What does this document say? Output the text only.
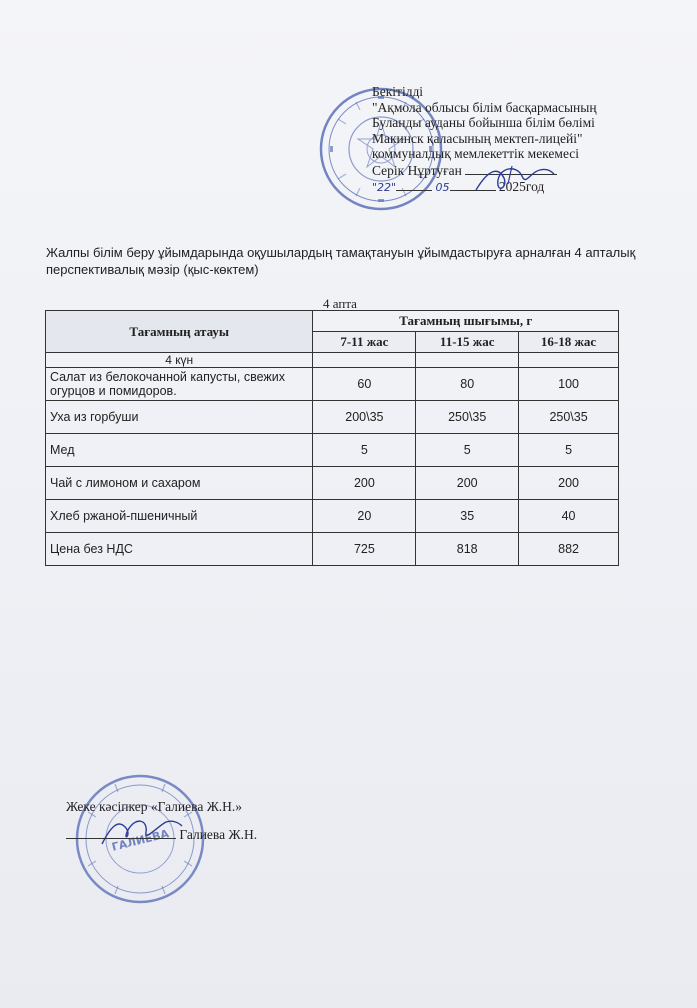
Бекітілді
"Ақмола облысы білім басқармасының
Буланды ауданы бойынша білім бөлімі
Макинск қаласының мектеп-лицейі"
коммуналдық мемлекеттік мекемесі
Серік Нұртуған
"22"	05	2025год
Жалпы білім беру ұйымдарында оқушылардың тамақтануын ұйымдастыруға арналған 4 апталық перспективалық мәзір (қыс-көктем)
4 апта
Тағамның атауы	Тағамның шығымы, г		
	7-11 жас	11-15 жас	16-18 жас
4 күн			
Салат из белокочанной капусты, свежих огурцов и помидоров.	60	80	100
Уха из горбуши	200\35	250\35	250\35
Мед	5	5	5
Чай с лимоном и сахаром	200	200	200
Хлеб ржаной-пшеничный	20	35	40
Цена без НДС	725	818	882
ГАЛИЕВА
Жеке кәсіпкер «Галиева Ж.Н.»
Галиева Ж.Н.
